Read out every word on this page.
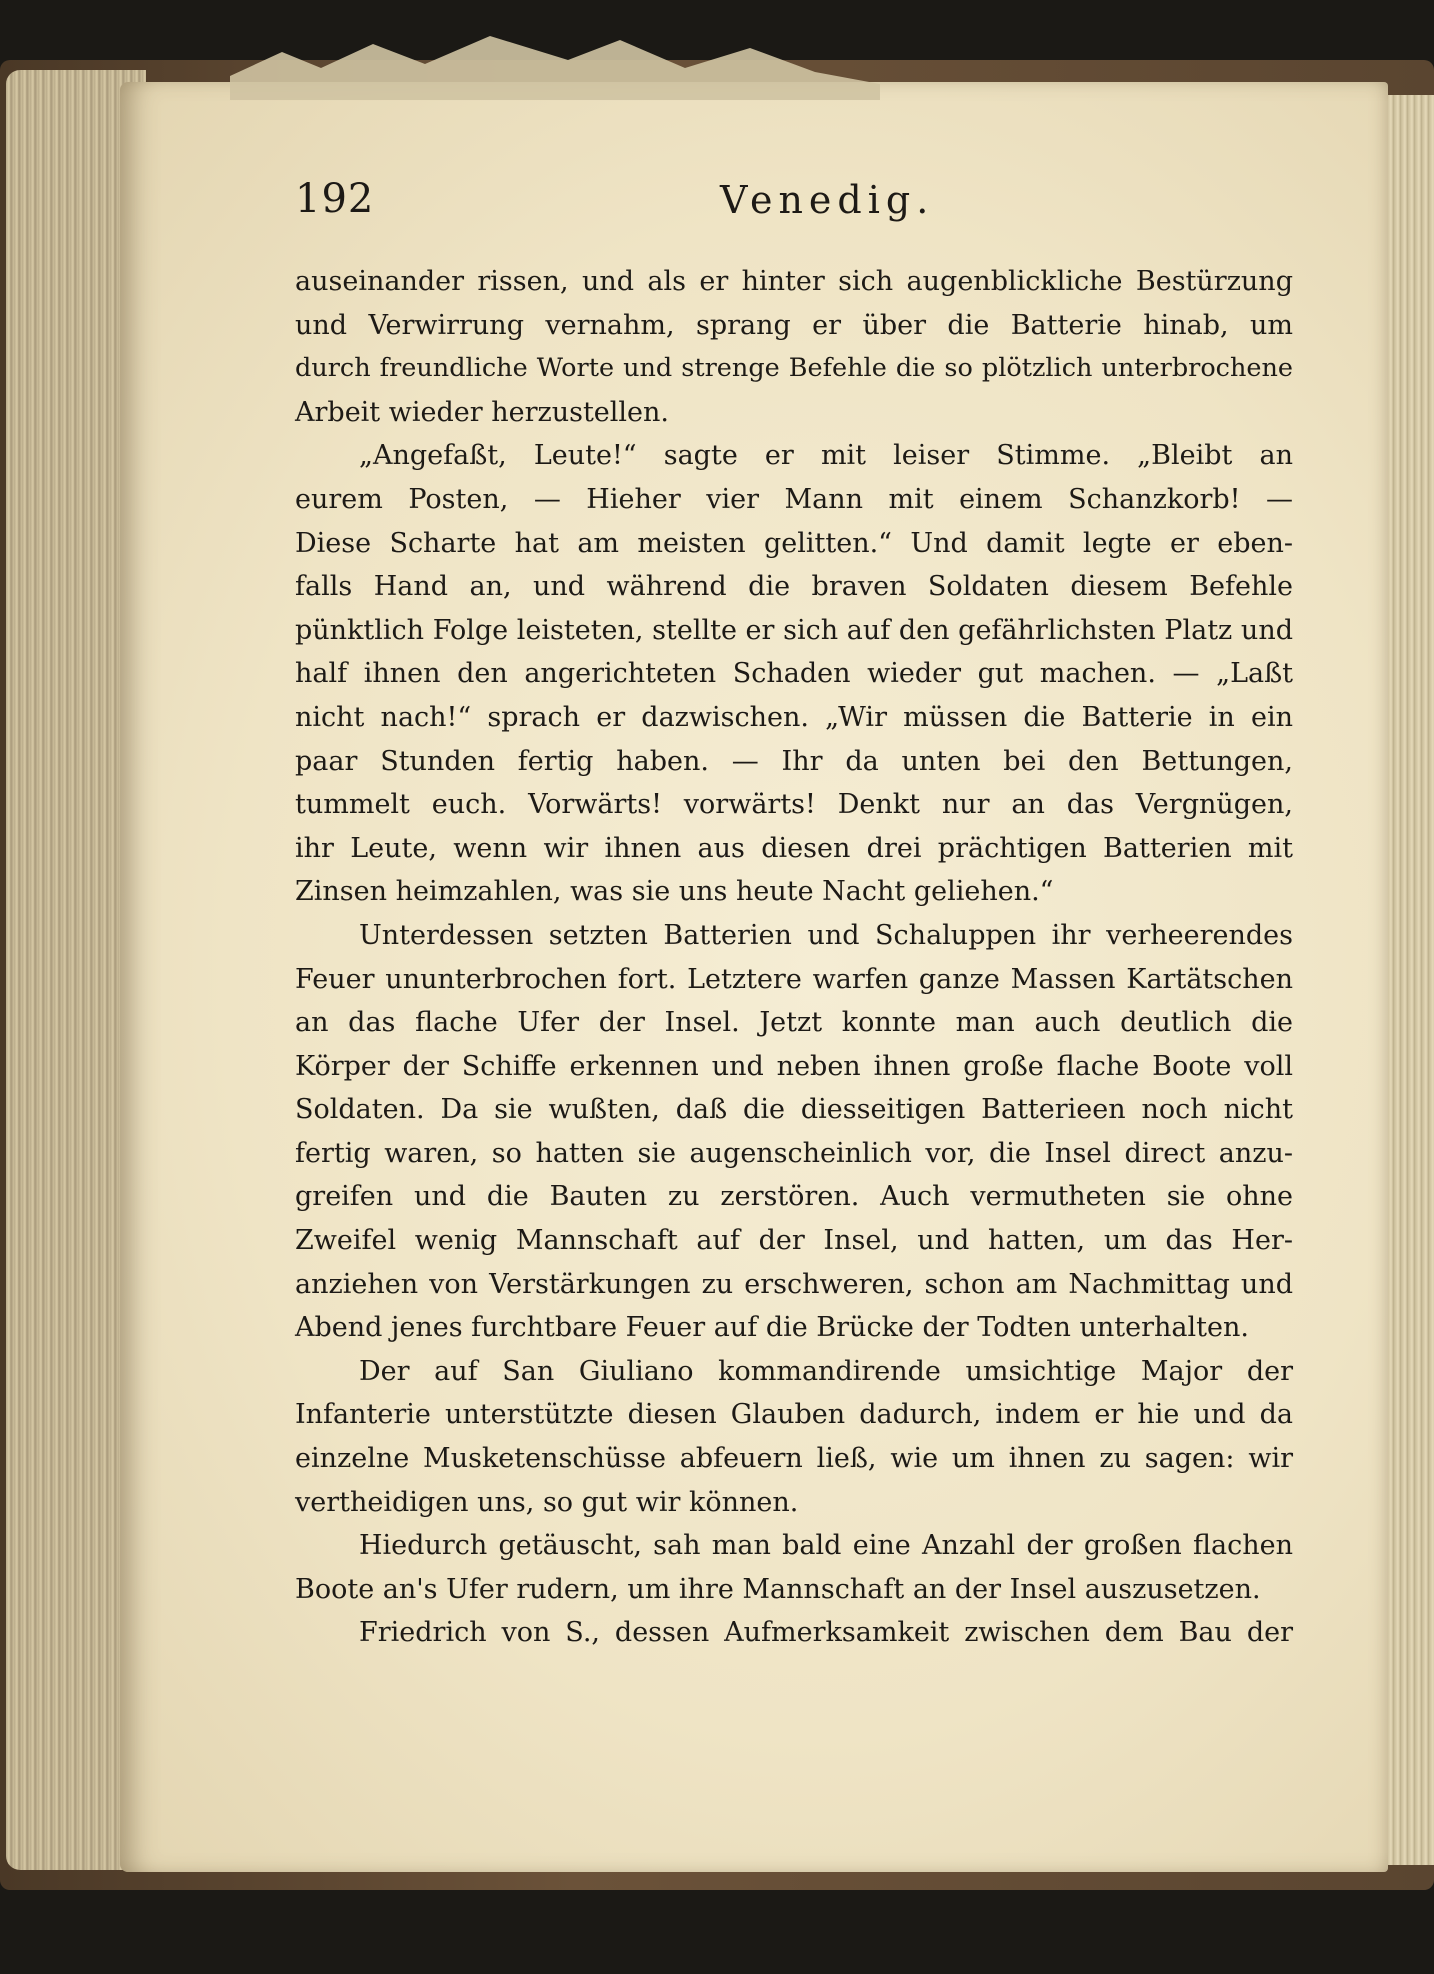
192	Venedig.
auseinander rissen, und als er hinter sich augenblickliche Bestürzung
und Verwirrung vernahm, sprang er über die Batterie hinab, um
durch freundliche Worte und strenge Befehle die so plötzlich unterbrochene
Arbeit wieder herzustellen.
„Angefaßt, Leute!“ sagte er mit leiser Stimme. „Bleibt an
eurem Posten, — Hieher vier Mann mit einem Schanzkorb! —
Diese Scharte hat am meisten gelitten.“ Und damit legte er eben-
falls Hand an, und während die braven Soldaten diesem Befehle
pünktlich Folge leisteten, stellte er sich auf den gefährlichsten Platz und
half ihnen den angerichteten Schaden wieder gut machen. — „Laßt
nicht nach!“ sprach er dazwischen. „Wir müssen die Batterie in ein
paar Stunden fertig haben. — Ihr da unten bei den Bettungen,
tummelt euch. Vorwärts! vorwärts! Denkt nur an das Vergnügen,
ihr Leute, wenn wir ihnen aus diesen drei prächtigen Batterien mit
Zinsen heimzahlen, was sie uns heute Nacht geliehen.“
Unterdessen setzten Batterien und Schaluppen ihr verheerendes
Feuer ununterbrochen fort. Letztere warfen ganze Massen Kartätschen
an das flache Ufer der Insel. Jetzt konnte man auch deutlich die
Körper der Schiffe erkennen und neben ihnen große flache Boote voll
Soldaten. Da sie wußten, daß die diesseitigen Batterieen noch nicht
fertig waren, so hatten sie augenscheinlich vor, die Insel direct anzu-
greifen und die Bauten zu zerstören. Auch vermutheten sie ohne
Zweifel wenig Mannschaft auf der Insel, und hatten, um das Her-
anziehen von Verstärkungen zu erschweren, schon am Nachmittag und
Abend jenes furchtbare Feuer auf die Brücke der Todten unterhalten.
Der auf San Giuliano kommandirende umsichtige Major der
Infanterie unterstützte diesen Glauben dadurch, indem er hie und da
einzelne Musketenschüsse abfeuern ließ, wie um ihnen zu sagen: wir
vertheidigen uns, so gut wir können.
Hiedurch getäuscht, sah man bald eine Anzahl der großen flachen
Boote an's Ufer rudern, um ihre Mannschaft an der Insel auszusetzen.
Friedrich von S., dessen Aufmerksamkeit zwischen dem Bau der
